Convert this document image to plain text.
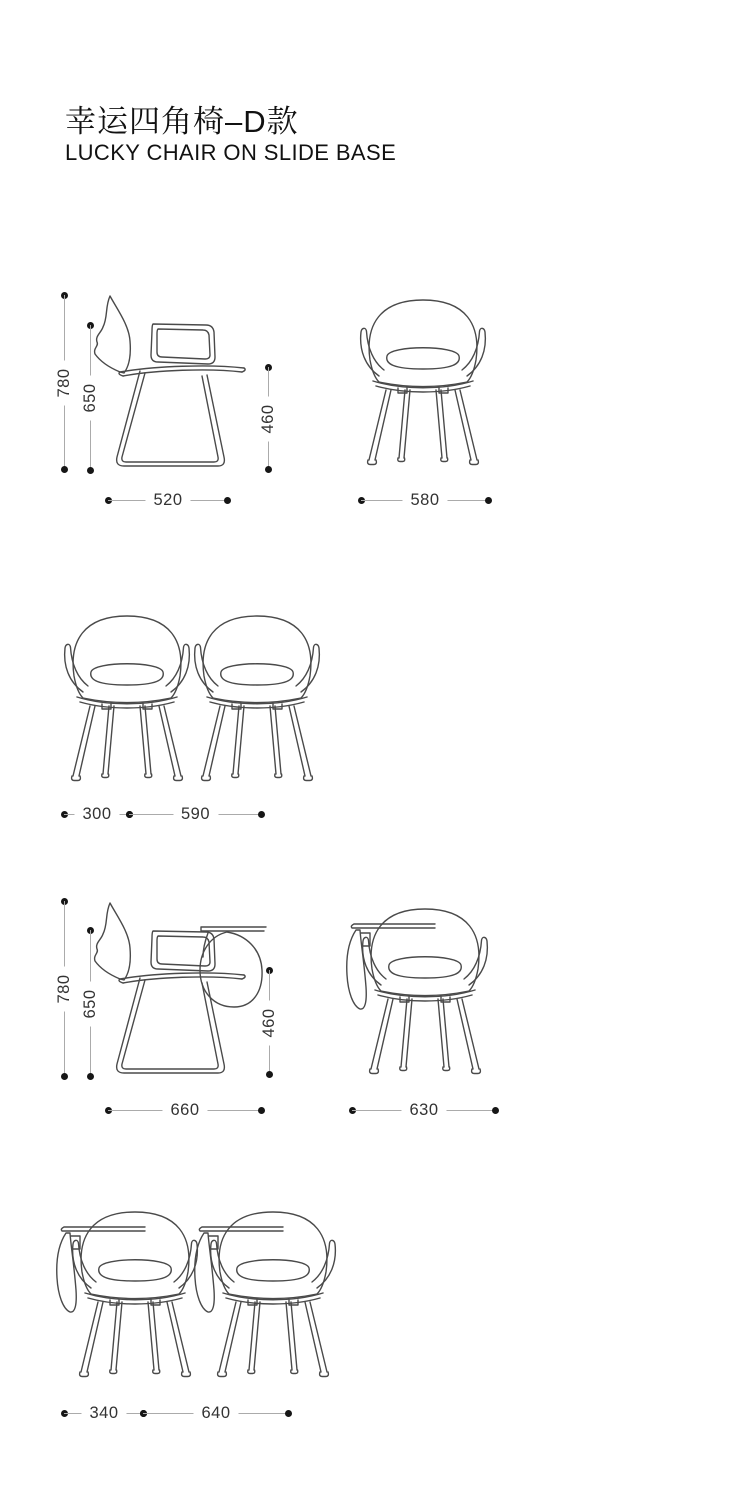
幸运四角椅–D款
LUCKY CHAIR ON SLIDE BASE
780
650
460
520	580
300	590
780 650
460
660	630
340	640
